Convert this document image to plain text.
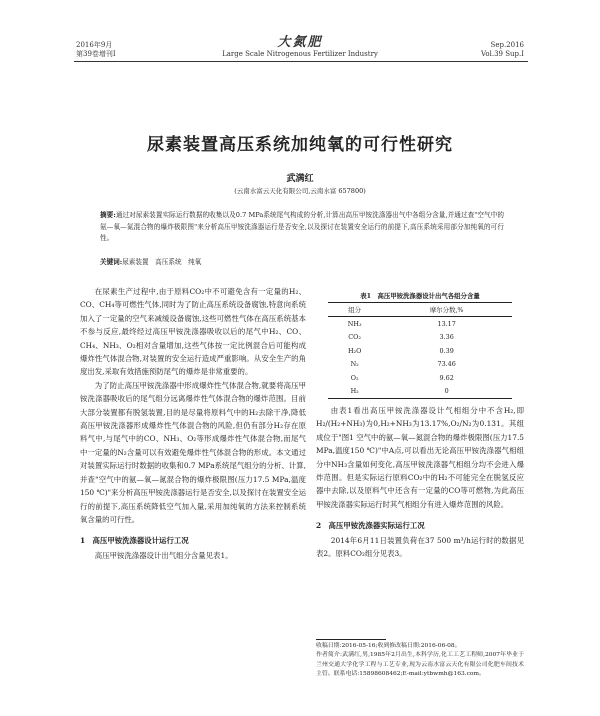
2016年9月
第39卷增刊Ⅰ
大氮肥
Large Scale Nitrogenous Fertilizer Industry
Sep.2016
Vol.39 Sup.Ⅰ
尿素装置高压系统加纯氧的可行性研究
武满红
(云南水富云天化有限公司,云南水富 657800)
摘要:通过对尿素装置实际运行数据的收集以及0.7 MPa系统尾气构成的分析,计算出高压甲铵洗涤器出气中各组分含量,并通过查"空气中的氨—氧—氮混合物的爆炸极限图"来分析高压甲铵洗涤器运行是否安全,以及探讨在装置安全运行的前提下,高压系统采用部分加纯氧的可行性。
关键词:尿素装置　高压系统　纯氧

在尿素生产过程中,由于原料CO₂中不可避免含有一定量的H₂、CO、CH₄等可燃性气体,同时为了防止高压系统设备腐蚀,特意向系统加入了一定量的空气来减缓设备腐蚀,这些可燃性气体在高压系统基本不参与反应,最终经过高压甲铵洗涤器吸收以后的尾气中H₂、CO、CH₄、NH₃、O₂相对含量增加,这些气体按一定比例混合后可能构成爆炸性气体混合物,对装置的安全运行造成严重影响。从安全生产的角度出发,采取有效措施预防尾气的爆炸是非常重要的。

为了防止高压甲铵洗涤器中形成爆炸性气体混合物,就要将高压甲铵洗涤器吸收后的尾气组分远离爆炸性气体混合物的爆炸范围。目前大部分装置都有脱氢装置,目的是尽量将原料气中的H₂去除干净,降低高压甲铵洗涤器形成爆炸性气体混合物的风险,但仍有部分H₂存在原料气中,与尾气中的CO、NH₃、O₂等形成爆炸性气体混合物,而尾气中一定量的N₂含量可以有效避免爆炸性气体混合物的形成。本文通过对装置实际运行时数据的收集和0.7 MPa系统尾气组分的分析、计算,并查"空气中的氨—氧—氮混合物的爆炸极限图(压力17.5 MPa,温度150 ℃)"来分析高压甲铵洗涤器运行是否安全,以及探讨在装置安全运行的前提下,高压系统降低空气加入量,采用加纯氧的方法来控制系统氧含量的可行性。

1　高压甲铵洗涤器设计运行工况

高压甲铵洗涤器设计出气组分含量见表1。

表1　高压甲铵洗涤器设计出气各组分含量
组分	摩尔分数,%
NH₃	13.17
CO₂	3.36
H₂O	0.39
N₂	73.46
O₂	9.62
H₂	0

由表1看出高压甲铵洗涤器设计气相组分中不含H₂,即H₂/(H₂+NH₃)为0,H₂+NH₃为13.17%,O₂/N₂为0.131。其组成位于"图1 空气中的氨—氧—氮混合物的爆炸极限图(压力17.5 MPa,温度150 ℃)"中A点,可以看出无论高压甲铵洗涤器气相组分中NH₃含量如何变化,高压甲铵洗涤器气相组分均不会进入爆炸范围。但是实际运行原料CO₂中的H₂不可能完全在脱氢反应器中去除,以及原料气中还含有一定量的CO等可燃物,为此高压甲铵洗涤器实际运行时其气相组分有进入爆炸范围的风险。

2　高压甲铵洗涤器实际运行工况

2014年6月11日装置负荷在37 500 m³/h运行时的数据见表2。原料CO₂组分见表3。

收稿日期:2016-05-16;收到修改稿日期:2016-06-08。

作者简介:武满红,男,1985年2月出生,本科学历,化工工艺工程师,2007年毕业于兰州交通大学化学工程与工艺专业,现为云南水富云天化有限公司化肥车间技术主管。联系电话:15898608462;E-mail:ytbwmh@163.com。
